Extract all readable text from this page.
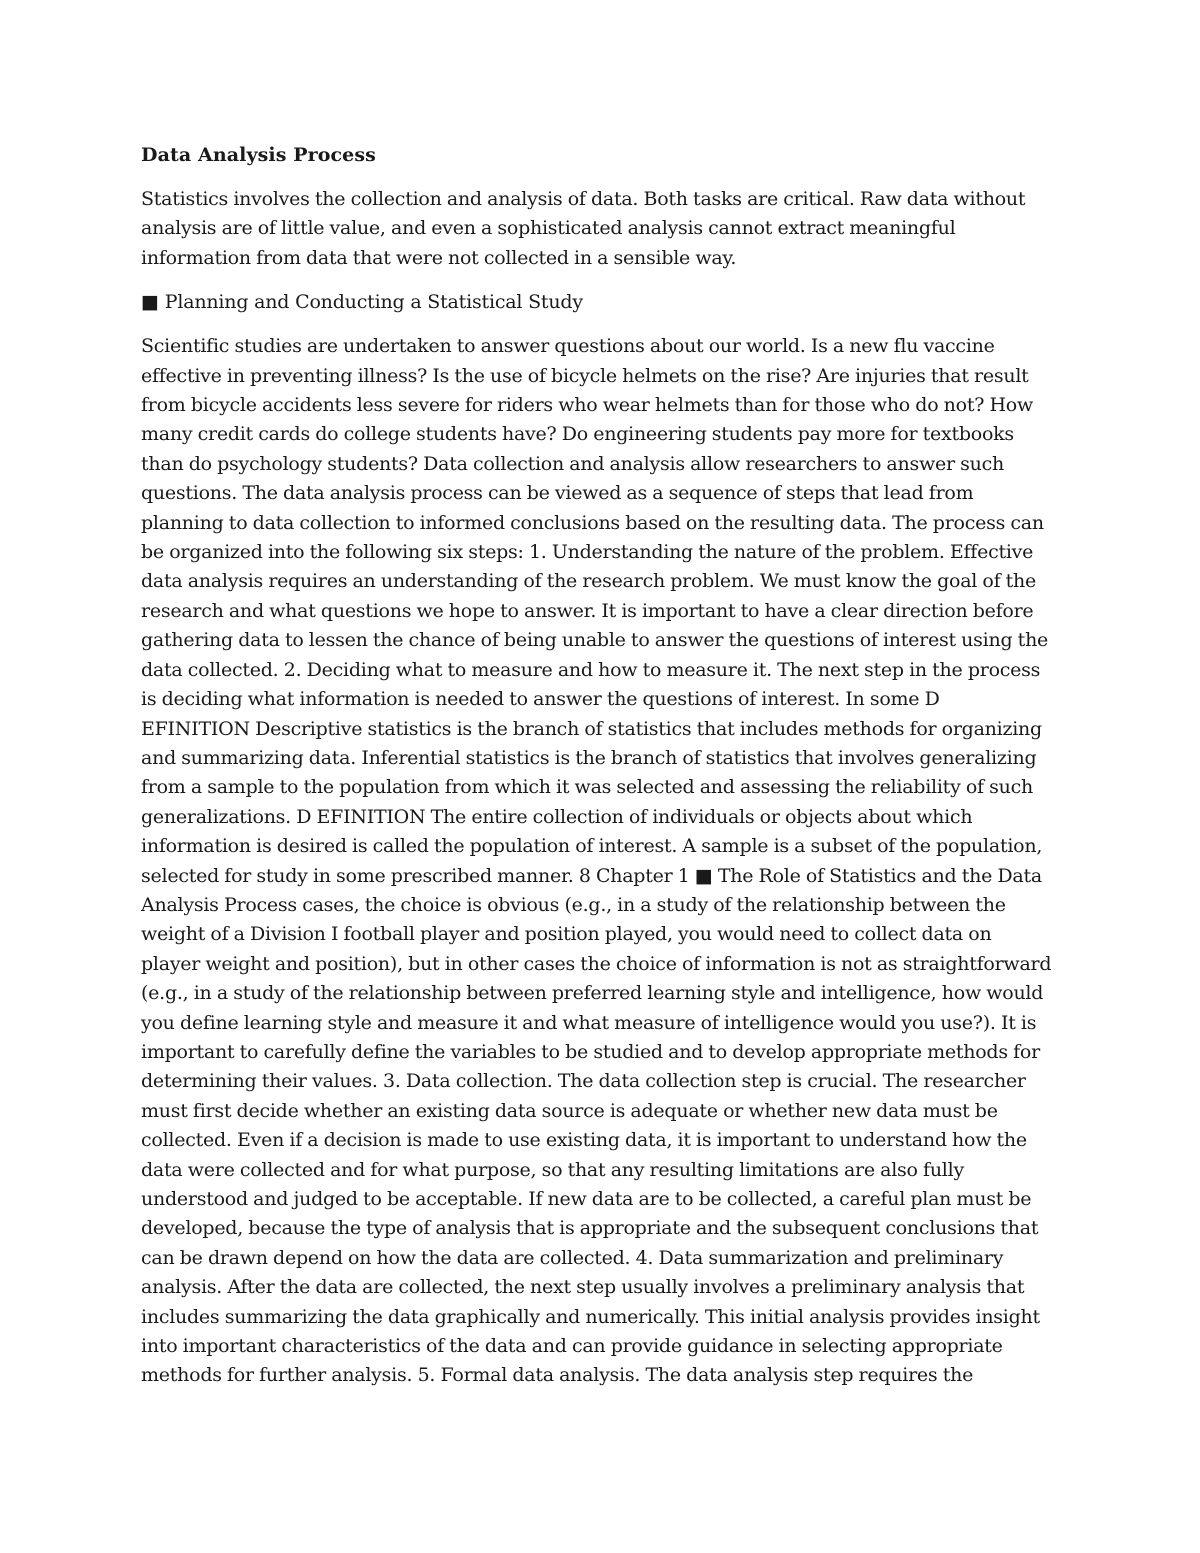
Data Analysis Process
Statistics involves the collection and analysis of data. Both tasks are critical. Raw data without
analysis are of little value, and even a sophisticated analysis cannot extract meaningful
information from data that were not collected in a sensible way.
■ Planning and Conducting a Statistical Study
Scientific studies are undertaken to answer questions about our world. Is a new flu vaccine
effective in preventing illness? Is the use of bicycle helmets on the rise? Are injuries that result
from bicycle accidents less severe for riders who wear helmets than for those who do not? How
many credit cards do college students have? Do engineering students pay more for textbooks
than do psychology students? Data collection and analysis allow researchers to answer such
questions. The data analysis process can be viewed as a sequence of steps that lead from
planning to data collection to informed conclusions based on the resulting data. The process can
be organized into the following six steps: 1. Understanding the nature of the problem. Effective
data analysis requires an understanding of the research problem. We must know the goal of the
research and what questions we hope to answer. It is important to have a clear direction before
gathering data to lessen the chance of being unable to answer the questions of interest using the
data collected. 2. Deciding what to measure and how to measure it. The next step in the process
is deciding what information is needed to answer the questions of interest. In some D
EFINITION Descriptive statistics is the branch of statistics that includes methods for organizing
and summarizing data. Inferential statistics is the branch of statistics that involves generalizing
from a sample to the population from which it was selected and assessing the reliability of such
generalizations. D EFINITION The entire collection of individuals or objects about which
information is desired is called the population of interest. A sample is a subset of the population,
selected for study in some prescribed manner. 8 Chapter 1 ■ The Role of Statistics and the Data
Analysis Process cases, the choice is obvious (e.g., in a study of the relationship between the
weight of a Division I football player and position played, you would need to collect data on
player weight and position), but in other cases the choice of information is not as straightforward
(e.g., in a study of the relationship between preferred learning style and intelligence, how would
you define learning style and measure it and what measure of intelligence would you use?). It is
important to carefully define the variables to be studied and to develop appropriate methods for
determining their values. 3. Data collection. The data collection step is crucial. The researcher
must first decide whether an existing data source is adequate or whether new data must be
collected. Even if a decision is made to use existing data, it is important to understand how the
data were collected and for what purpose, so that any resulting limitations are also fully
understood and judged to be acceptable. If new data are to be collected, a careful plan must be
developed, because the type of analysis that is appropriate and the subsequent conclusions that
can be drawn depend on how the data are collected. 4. Data summarization and preliminary
analysis. After the data are collected, the next step usually involves a preliminary analysis that
includes summarizing the data graphically and numerically. This initial analysis provides insight
into important characteristics of the data and can provide guidance in selecting appropriate
methods for further analysis. 5. Formal data analysis. The data analysis step requires the
